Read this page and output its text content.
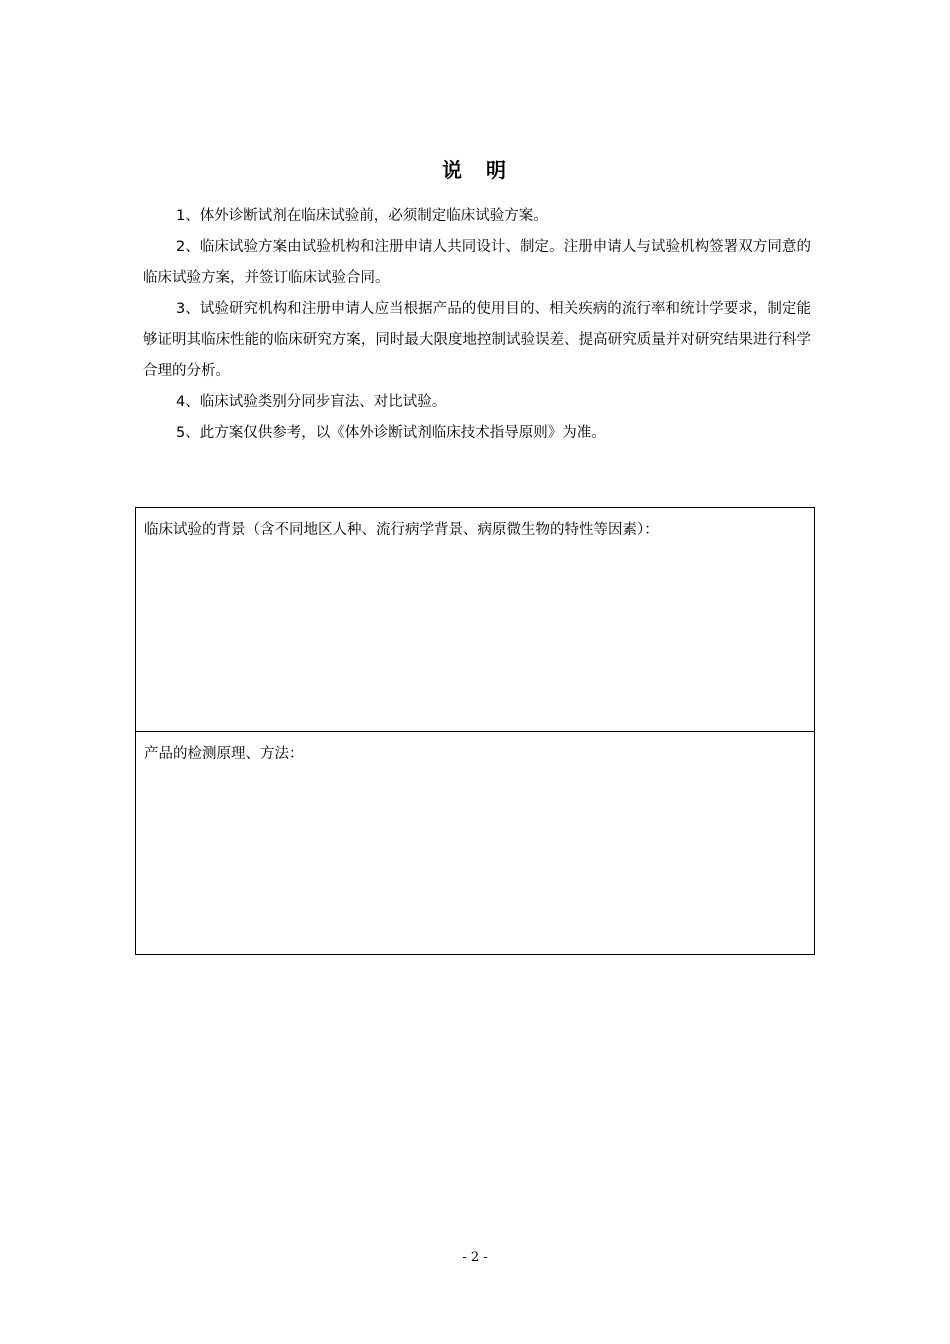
说　明

1、体外诊断试剂在临床试验前，必须制定临床试验方案。

2、临床试验方案由试验机构和注册申请人共同设计、制定。注册申请人与试验机构签署双方同意的临床试验方案，并签订临床试验合同。

3、试验研究机构和注册申请人应当根据产品的使用目的、相关疾病的流行率和统计学要求，制定能够证明其临床性能的临床研究方案，同时最大限度地控制试验误差、提高研究质量并对研究结果进行科学合理的分析。

4、临床试验类别分同步盲法、对比试验。

5、此方案仅供参考，以《体外诊断试剂临床技术指导原则》为准。

临床试验的背景（含不同地区人种、流行病学背景、病原微生物的特性等因素）：
产品的检测原理、方法：
- 2 -
